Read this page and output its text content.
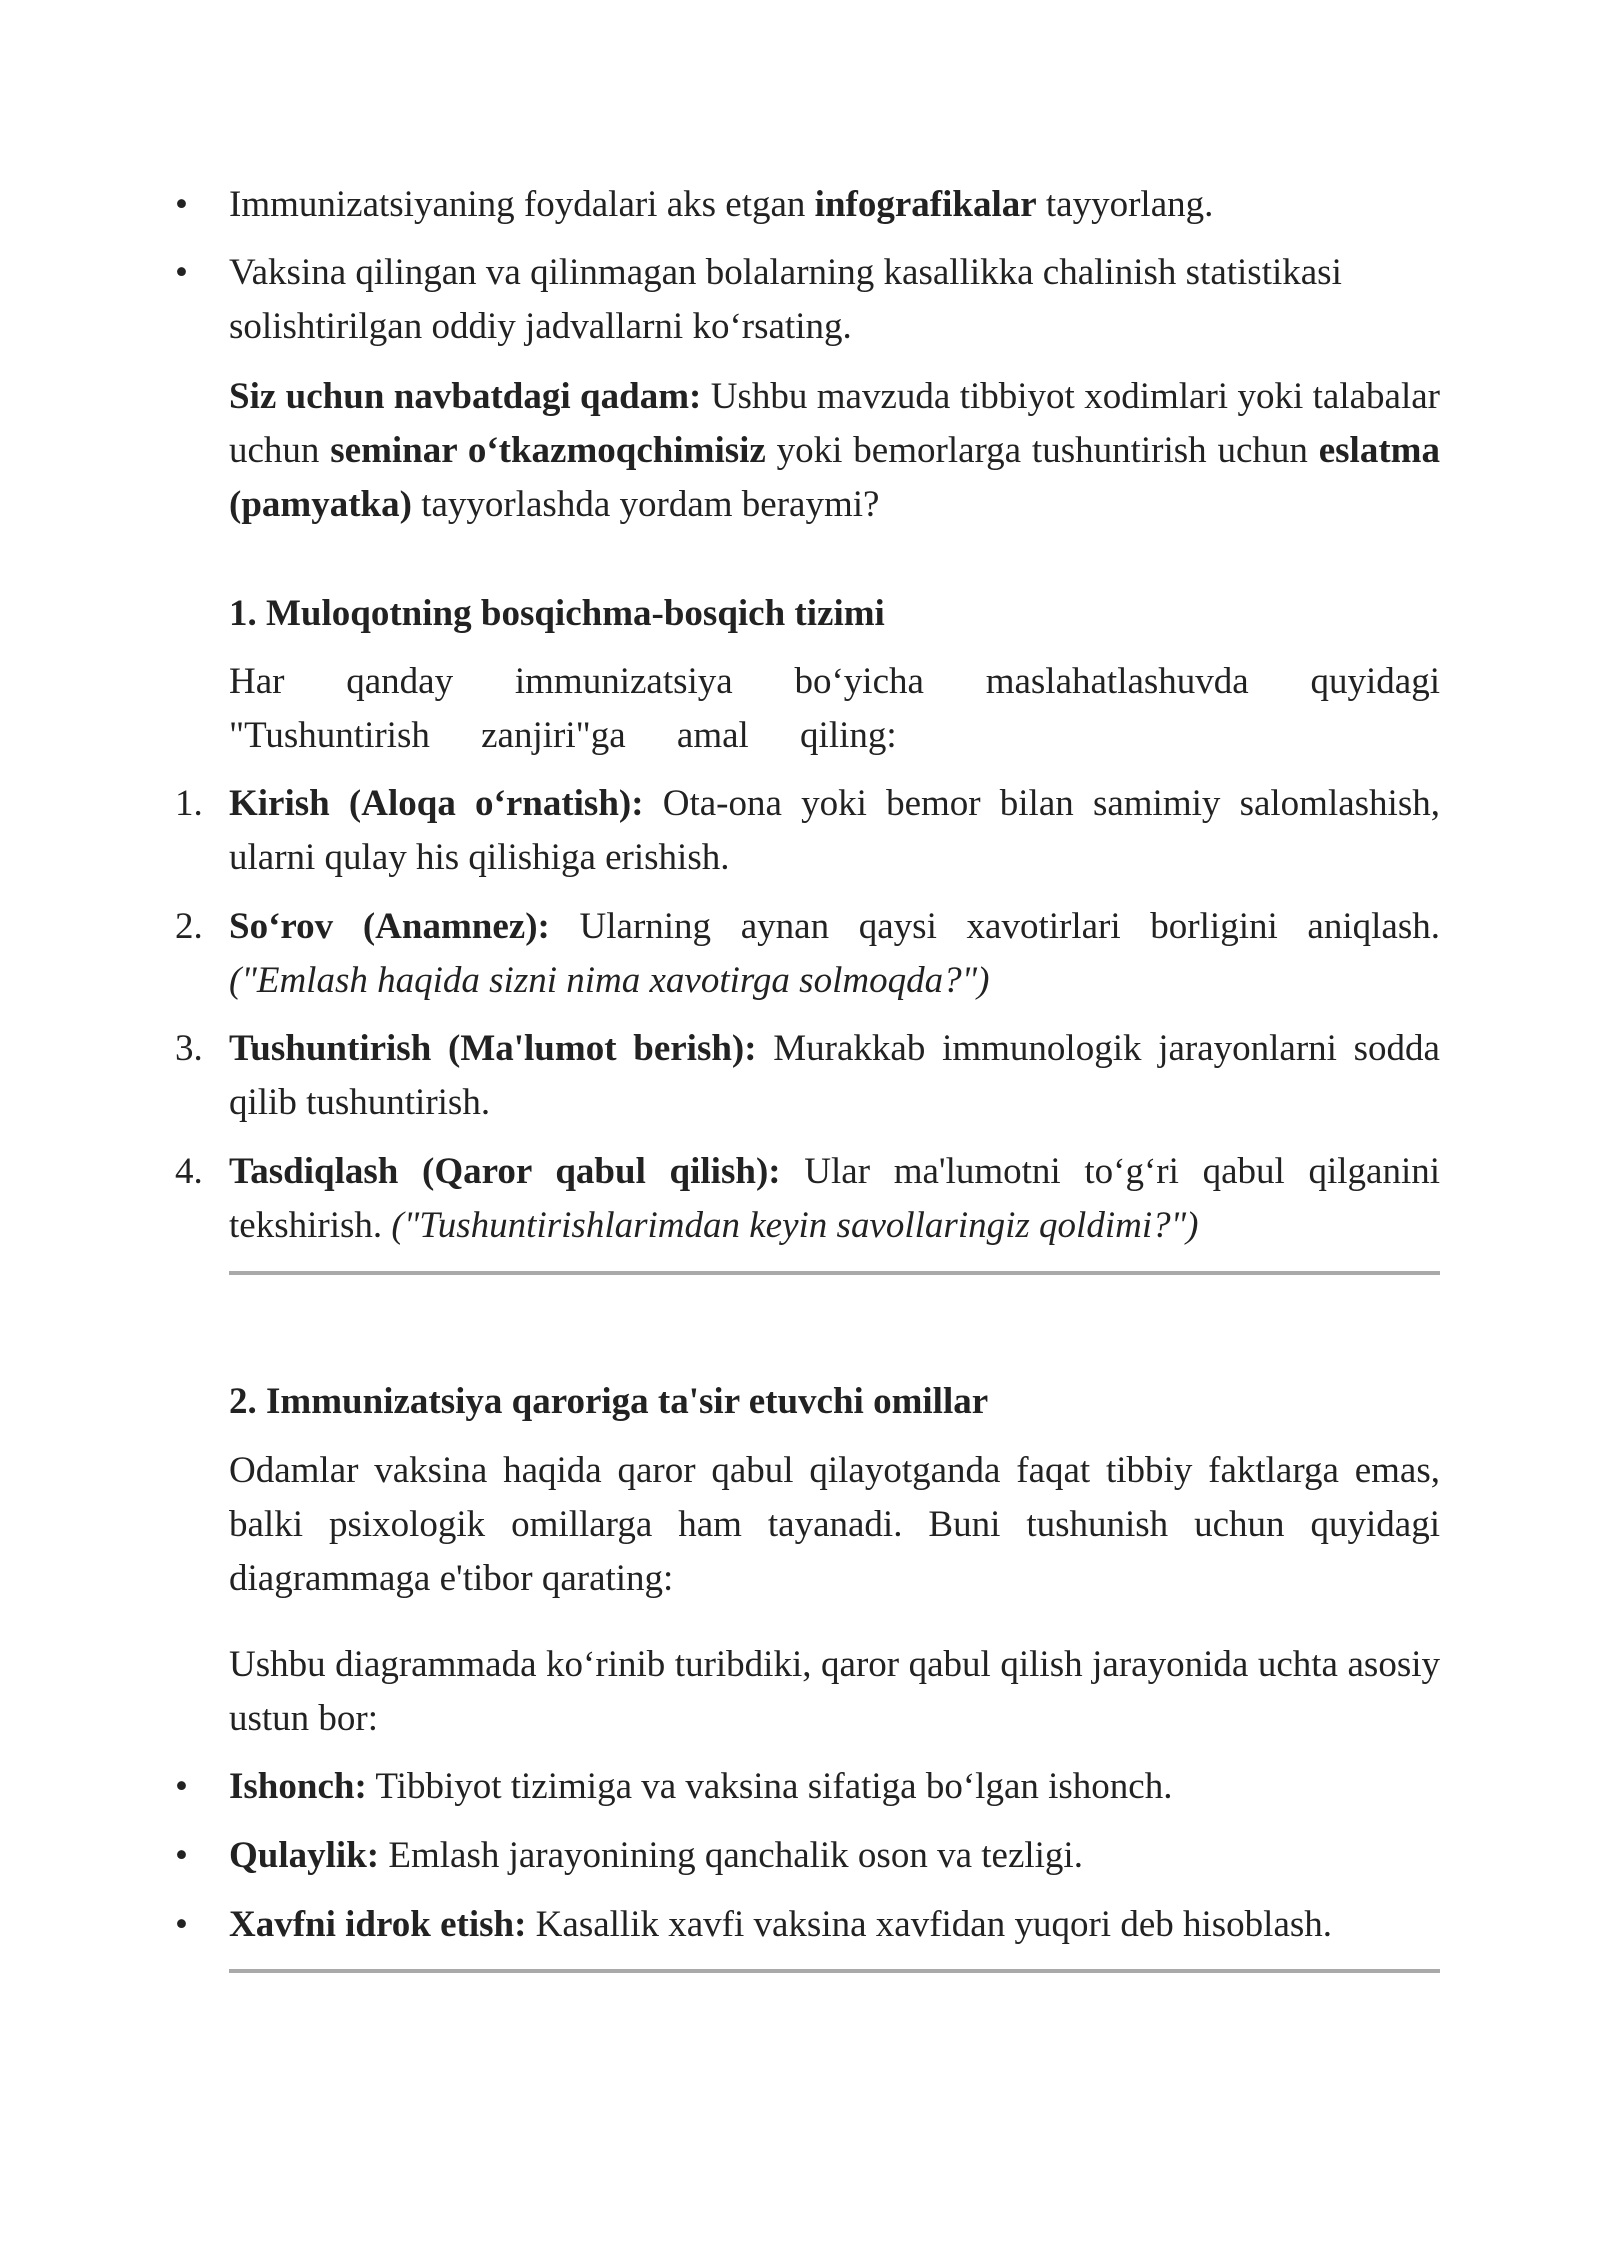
•	Immunizatsiyaning foydalari aks etgan infografikalar tayyorlang.
•	Vaksina qilingan va qilinmagan bolalarning kasallikka chalinish statistikasi solishtirilgan oddiy jadvallarni ko‘rsating.

Siz uchun navbatdagi qadam: Ushbu mavzuda tibbiyot xodimlari yoki talabalar uchun seminar o‘tkazmoqchimisiz yoki bemorlarga tushuntirish uchun eslatma (pamyatka) tayyorlashda yordam beraymi?

1. Muloqotning bosqichma-bosqich tizimi

Har qanday immunizatsiya bo‘yicha maslahatlashuvda quyidagi "Tushuntirish zanjiri"ga amal qiling:

1. Kirish (Aloqa o‘rnatish): Ota-ona yoki bemor bilan samimiy salomlashish, ularni qulay his qilishiga erishish.
2. So‘rov (Anamnez): Ularning aynan qaysi xavotirlari borligini aniqlash. ("Emlash haqida sizni nima xavotirga solmoqda?")
3. Tushuntirish (Ma'lumot berish): Murakkab immunologik jarayonlarni sodda qilib tushuntirish.
4. Tasdiqlash (Qaror qabul qilish): Ular ma'lumotni to‘g‘ri qabul qilganini tekshirish. ("Tushuntirishlarimdan keyin savollaringiz qoldimi?")
2. Immunizatsiya qaroriga ta'sir etuvchi omillar

Odamlar vaksina haqida qaror qabul qilayotganda faqat tibbiy faktlarga emas, balki psixologik omillarga ham tayanadi. Buni tushunish uchun quyidagi diagrammaga e'tibor qarating:

Ushbu diagrammada ko‘rinib turibdiki, qaror qabul qilish jarayonida uchta asosiy ustun bor:

•	Ishonch: Tibbiyot tizimiga va vaksina sifatiga bo‘lgan ishonch.
•	Qulaylik: Emlash jarayonining qanchalik oson va tezligi.
•	Xavfni idrok etish: Kasallik xavfi vaksina xavfidan yuqori deb hisoblash.
